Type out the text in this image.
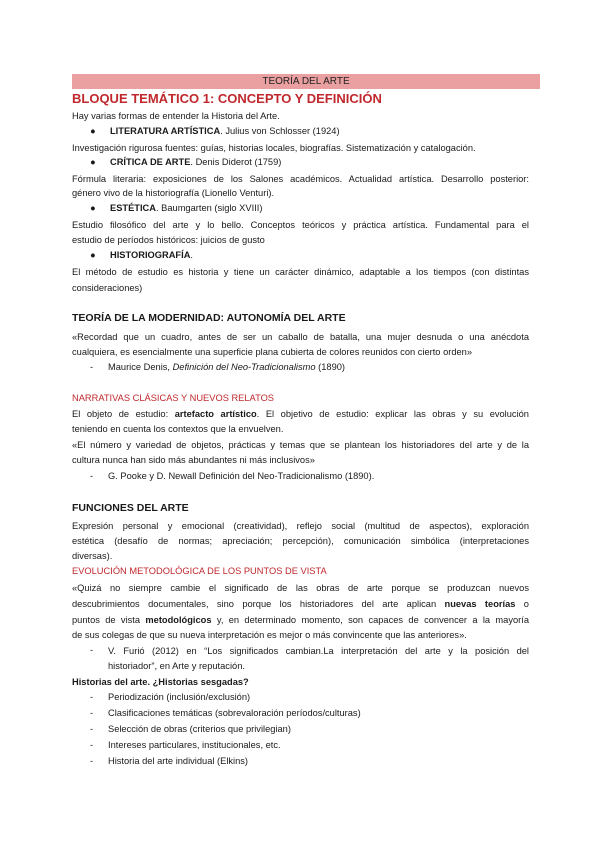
TEORÍA DEL ARTE
BLOQUE TEMÁTICO 1: CONCEPTO Y DEFINICIÓN
Hay varias formas de entender la Historia del Arte.
● LITERATURA ARTÍSTICA. Julius von Schlosser (1924)
Investigación rigurosa fuentes: guías, historias locales, biografías. Sistematización y catalogación.
● CRÍTICA DE ARTE. Denis Diderot (1759)
Fórmula literaria: exposiciones de los Salones académicos. Actualidad artística. Desarrollo posterior:
género vivo de la historiografía (Lionello Venturi).
● ESTÉTICA. Baumgarten (siglo XVIII)
Estudio filosófico del arte y lo bello. Conceptos teóricos y práctica artística. Fundamental para el
estudio de períodos históricos: juicios de gusto
● HISTORIOGRAFÍA.
El método de estudio es historia y tiene un carácter dinámico, adaptable a los tiempos (con distintas
consideraciones)
TEORÍA DE LA MODERNIDAD: AUTONOMÍA DEL ARTE
«Recordad que un cuadro, antes de ser un caballo de batalla, una mujer desnuda o una anécdota
cualquiera, es esencialmente una superficie plana cubierta de colores reunidos con cierto orden»
- Maurice Denis, Definición del Neo-Tradicionalismo (1890)
NARRATIVAS CLÁSICAS Y NUEVOS RELATOS
El objeto de estudio: artefacto artístico. El objetivo de estudio: explicar las obras y su evolución
teniendo en cuenta los contextos que la envuelven.
«El número y variedad de objetos, prácticas y temas que se plantean los historiadores del arte y de la
cultura nunca han sido más abundantes ni más inclusivos»
- G. Pooke y D. Newall Definición del Neo-Tradicionalismo (1890).
FUNCIONES DEL ARTE
Expresión personal y emocional (creatividad), reflejo social (multitud de aspectos), exploración
estética (desafío de normas; apreciación; percepción), comunicación simbólica (interpretaciones
diversas).
EVOLUCIÓN METODOLÓGICA DE LOS PUNTOS DE VISTA
«Quizá no siempre cambie el significado de las obras de arte porque se produzcan nuevos
descubrimientos documentales, sino porque los historiadores del arte aplican nuevas teorías o
puntos de vista metodológicos y, en determinado momento, son capaces de convencer a la mayoría
de sus colegas de que su nueva interpretación es mejor o más convincente que las anteriores».
-	V. Furió (2012) en “Los significados cambian.La interpretación del arte y la posición del
historiador”, en Arte y reputación.
Historias del arte. ¿Historias sesgadas?
- Periodización (inclusión/exclusión)
- Clasificaciones temáticas (sobrevaloración períodos/culturas)
- Selección de obras (criterios que privilegian)
- Intereses particulares, institucionales, etc.
- Historia del arte individual (Elkins)
